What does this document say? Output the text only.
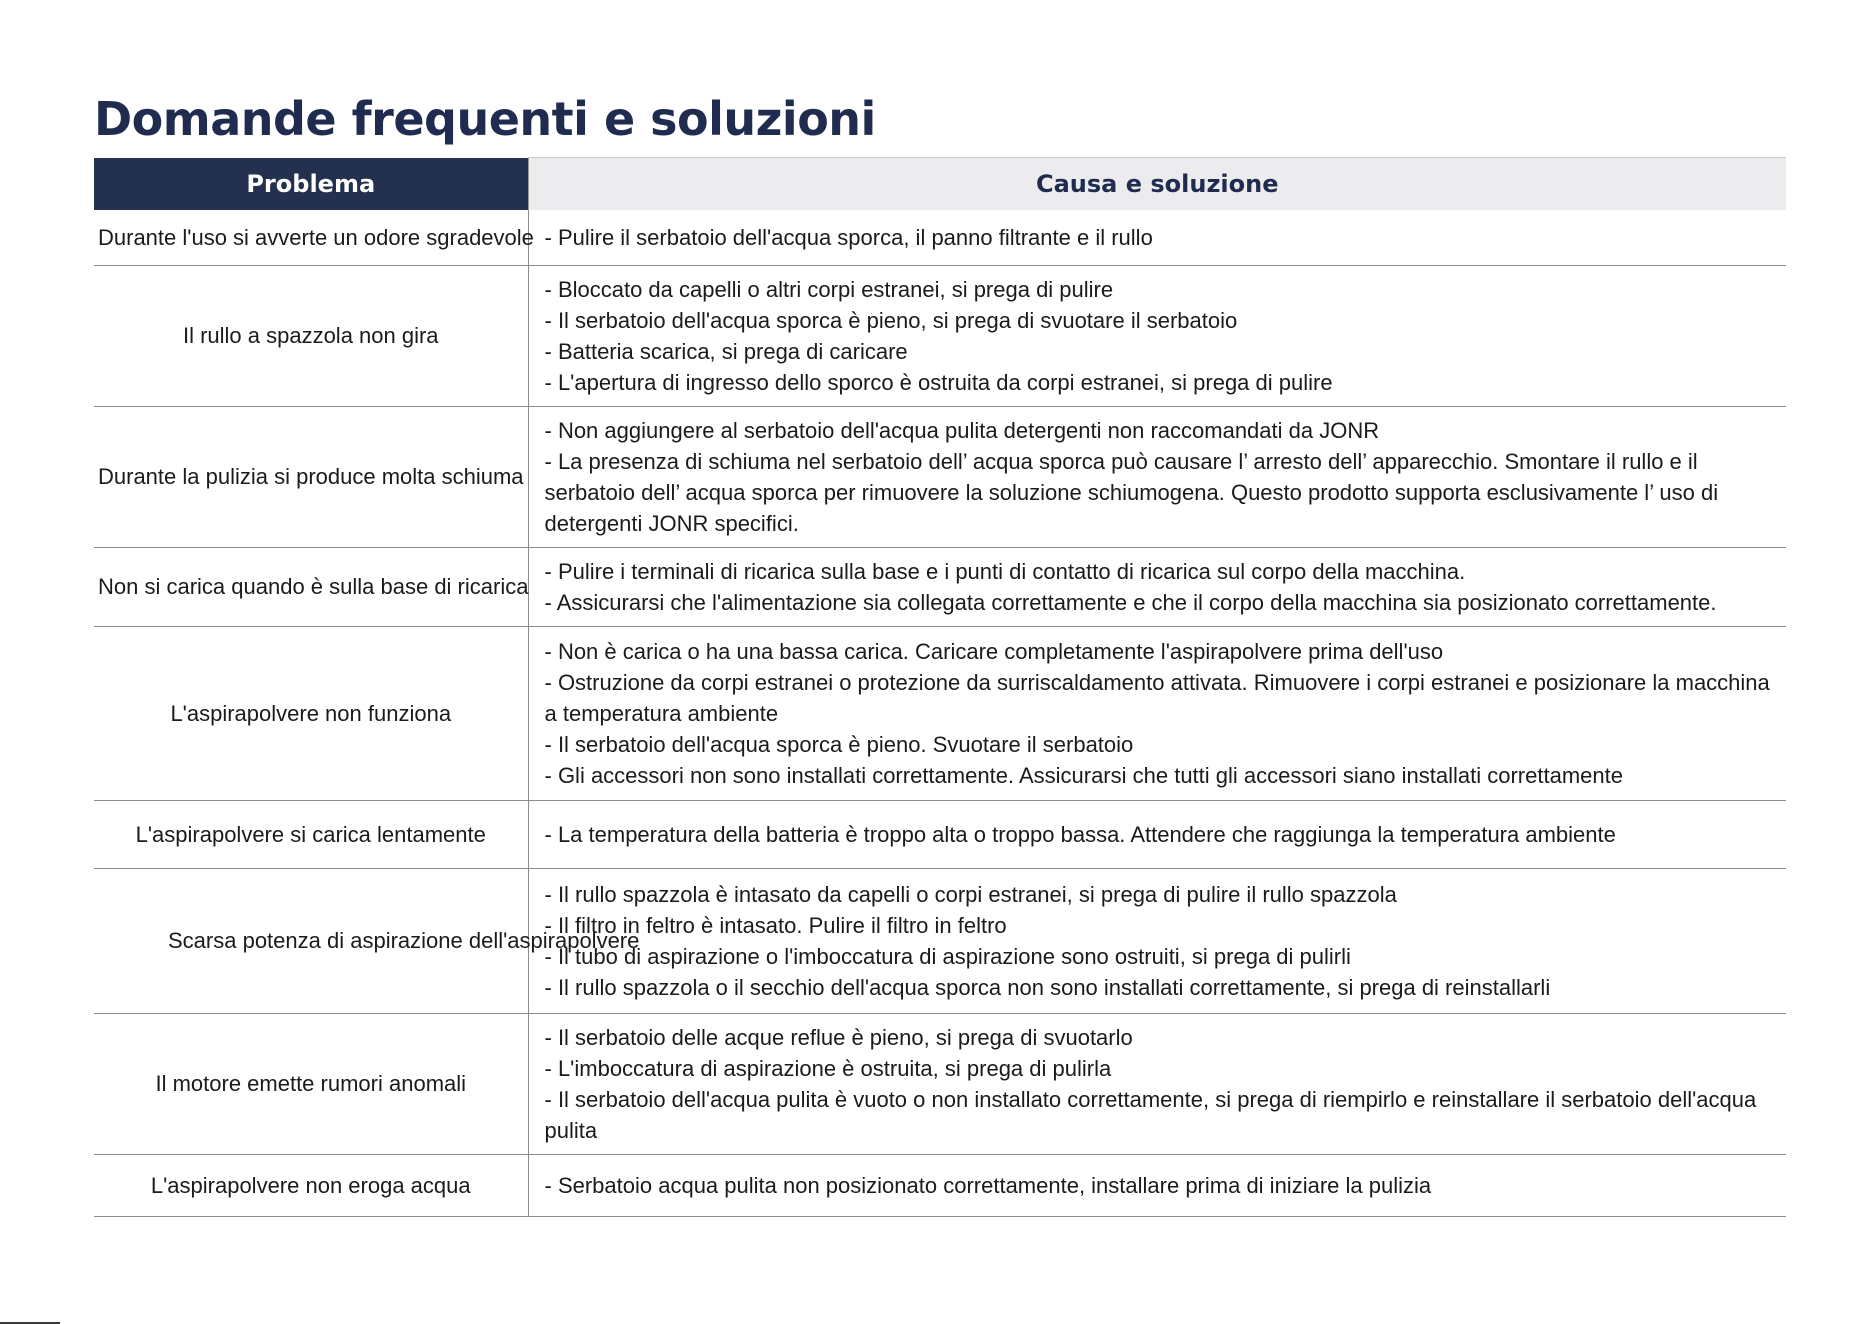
Domande frequenti e soluzioni
Problema	Causa e soluzione
Durante l'uso si avverte un odore sgradevole	- Pulire il serbatoio dell'acqua sporca, il panno filtrante e il rullo

Il rullo a spazzola non gira	- Bloccato da capelli o altri corpi estranei, si prega di pulire
- Il serbatoio dell'acqua sporca è pieno, si prega di svuotare il serbatoio
- Batteria scarica, si prega di caricare
- L'apertura di ingresso dello sporco è ostruita da corpi estranei, si prega di pulire

Durante la pulizia si produce molta schiuma	- Non aggiungere al serbatoio dell'acqua pulita detergenti non raccomandati da JONR
- La presenza di schiuma nel serbatoio dell’ acqua sporca può causare l’ arresto dell’ apparecchio. Smontare il rullo e il serbatoio dell’ acqua sporca per rimuovere la soluzione schiumogena. Questo prodotto supporta esclusivamente l’ uso di detergenti JONR specifici.

Non si carica quando è sulla base di ricarica	- Pulire i terminali di ricarica sulla base e i punti di contatto di ricarica sul corpo della macchina.
- Assicurarsi che l'alimentazione sia collegata correttamente e che il corpo della macchina sia posizionato correttamente.

L'aspirapolvere non funziona	- Non è carica o ha una bassa carica. Caricare completamente l'aspirapolvere prima dell'uso
- Ostruzione da corpi estranei o protezione da surriscaldamento attivata. Rimuovere i corpi estranei e posizionare la macchina a temperatura ambiente
- Il serbatoio dell'acqua sporca è pieno. Svuotare il serbatoio
- Gli accessori non sono installati correttamente. Assicurarsi che tutti gli accessori siano installati correttamente

L'aspirapolvere si carica lentamente	- La temperatura della batteria è troppo alta o troppo bassa. Attendere che raggiunga la temperatura ambiente

Scarsa potenza di aspirazione dell'aspirapolvere	- Il rullo spazzola è intasato da capelli o corpi estranei, si prega di pulire il rullo spazzola
- Il filtro in feltro è intasato. Pulire il filtro in feltro
- Il tubo di aspirazione o l'imboccatura di aspirazione sono ostruiti, si prega di pulirli
- Il rullo spazzola o il secchio dell'acqua sporca non sono installati correttamente, si prega di reinstallarli

Il motore emette rumori anomali	- Il serbatoio delle acque reflue è pieno, si prega di svuotarlo
- L'imboccatura di aspirazione è ostruita, si prega di pulirla
- Il serbatoio dell'acqua pulita è vuoto o non installato correttamente, si prega di riempirlo e reinstallare il serbatoio dell'acqua pulita

L'aspirapolvere non eroga acqua	- Serbatoio acqua pulita non posizionato correttamente, installare prima di iniziare la pulizia
